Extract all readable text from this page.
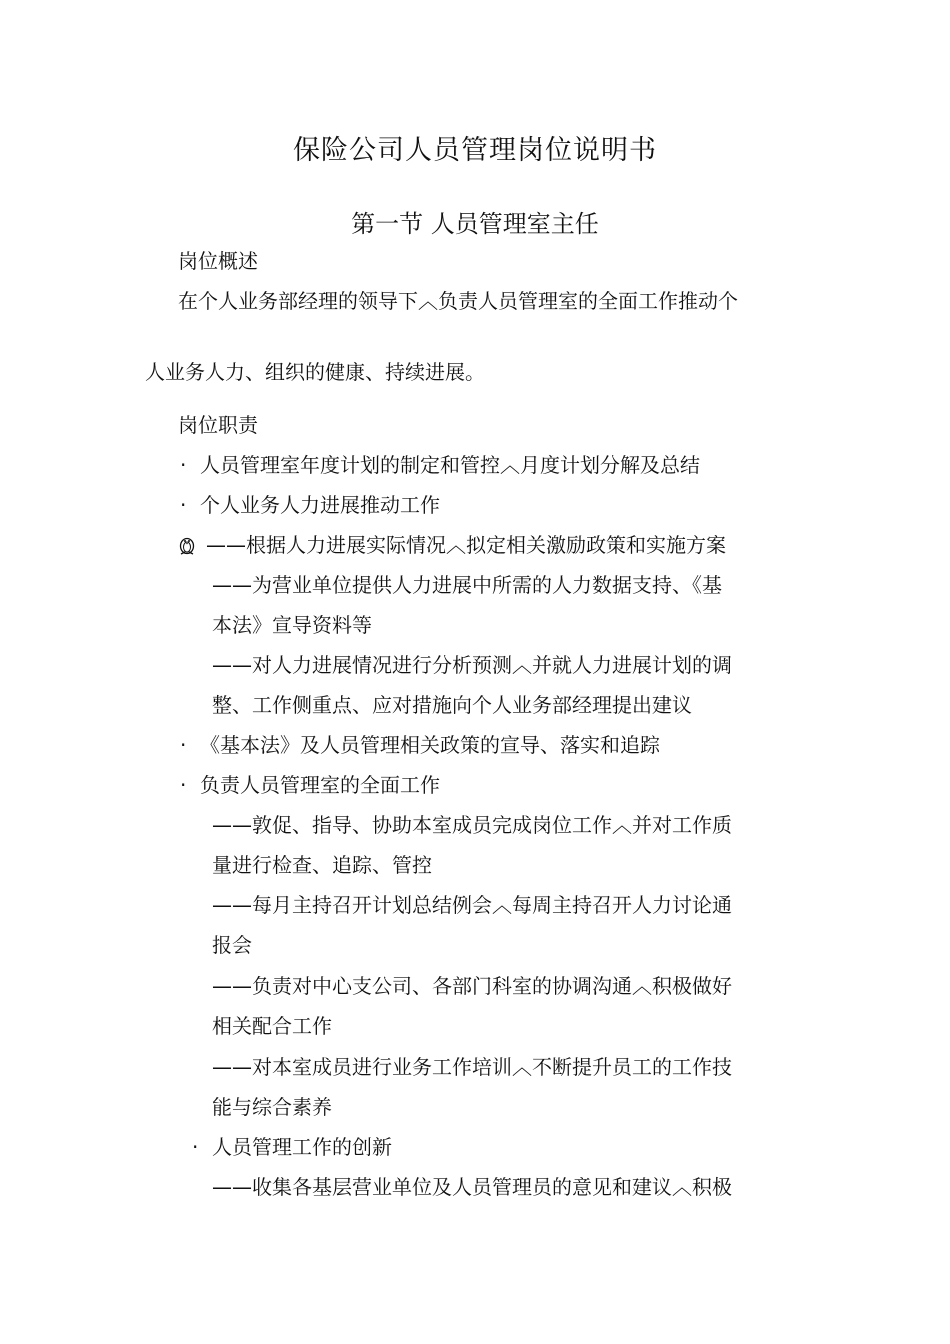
保险公司人员管理岗位说明书
第一节 人员管理室主任
岗位概述
在个人业务部经理的领导下︿负责人员管理室的全面工作推动个
人业务人力、组织的健康、持续进展。
岗位职责
· 人员管理室年度计划的制定和管控︿月度计划分解及总结
· 个人业务人力进展推动工作
——根据人力进展实际情况︿拟定相关激励政策和实施方案
——为营业单位提供人力进展中所需的人力数据支持、《基
本法》宣导资料等
——对人力进展情况进行分析预测︿并就人力进展计划的调
整、工作侧重点、应对措施向个人业务部经理提出建议
· 《基本法》及人员管理相关政策的宣导、落实和追踪
· 负责人员管理室的全面工作
——敦促、指导、协助本室成员完成岗位工作︿并对工作质
量进行检查、追踪、管控
——每月主持召开计划总结例会︿每周主持召开人力讨论通
报会
——负责对中心支公司、各部门科室的协调沟通︿积极做好
相关配合工作
——对本室成员进行业务工作培训︿不断提升员工的工作技
能与综合素养
· 人员管理工作的创新
——收集各基层营业单位及人员管理员的意见和建议︿积极
